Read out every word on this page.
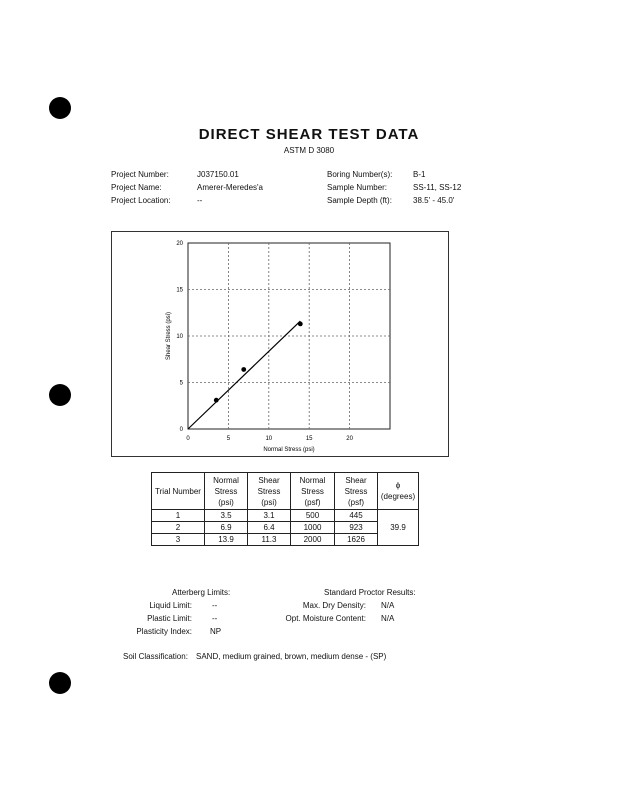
DIRECT SHEAR TEST DATA
ASTM D 3080
Project Number:	J037150.01
Project Name:	Amerer-Meredes'a
Project Location:	--
Boring Number(s):	B-1
Sample Number:	SS-11, SS-12
Sample Depth (ft):	38.5' - 45.0'
0	5	10	15	20
0
5
10
15
20
Normal Stress (psi)
Shear Stress (psi)
Trial Number	Normal Stress (psi)	Shear Stress (psi)	Normal Stress (psf)	Shear Stress (psf)	ϕ (degrees)
1	3.5	3.1	500	445	39.9
2	6.9	6.4	1000	923	
3	13.9	11.3	2000	1626	
Atterberg Limits:
Liquid Limit:	--
Plastic Limit:	--
Plasticity Index: NP
Standard Proctor Results:
Max. Dry Density: N/A
Opt. Moisture Content: N/A
Soil Classification: SAND, medium grained, brown, medium dense - (SP)
